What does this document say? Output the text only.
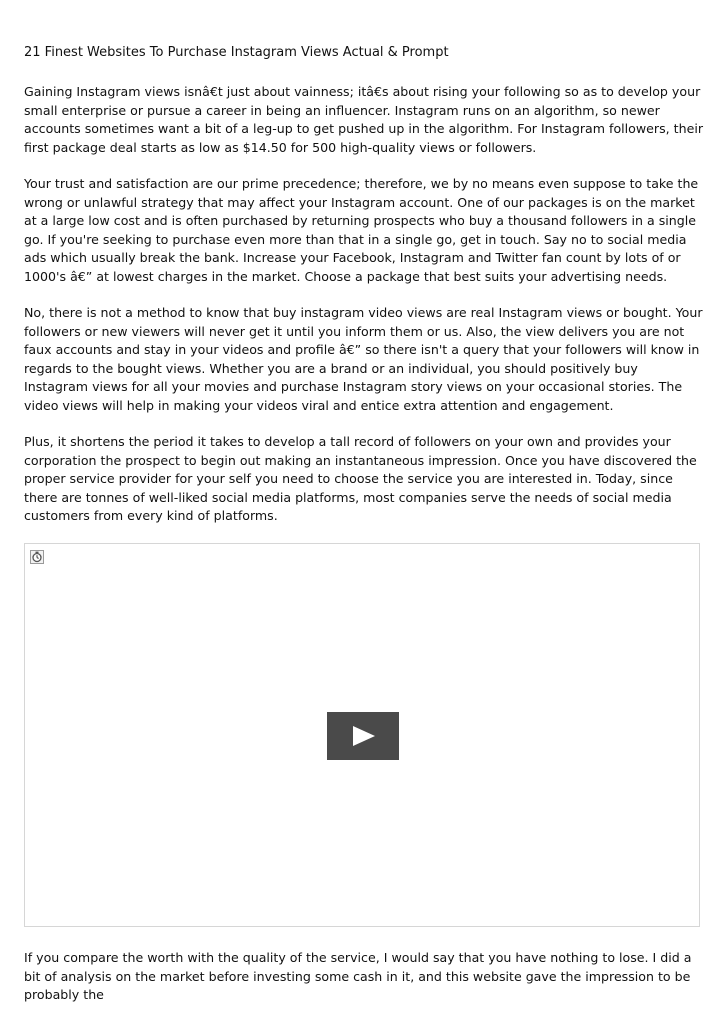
21 Finest Websites To Purchase Instagram Views Actual & Prompt

Gaining Instagram views isnâ€t just about vainness; itâ€s about rising your following so as to develop your small enterprise or pursue a career in being an influencer. Instagram runs on an algorithm, so newer accounts sometimes want a bit of a leg-up to get pushed up in the algorithm. For Instagram followers, their first package deal starts as low as $14.50 for 500 high-quality views or followers.

Your trust and satisfaction are our prime precedence; therefore, we by no means even suppose to take the wrong or unlawful strategy that may affect your Instagram account. One of our packages is on the market at a large low cost and is often purchased by returning prospects who buy a thousand followers in a single go. If you're seeking to purchase even more than that in a single go, get in touch. Say no to social media ads which usually break the bank. Increase your Facebook, Instagram and Twitter fan count by lots of or 1000's â€” at lowest charges in the market. Choose a package that best suits your advertising needs.

No, there is not a method to know that buy instagram video views are real Instagram views or bought. Your followers or new viewers will never get it until you inform them or us. Also, the view delivers you are not faux accounts and stay in your videos and profile â€” so there isn't a query that your followers will know in regards to the bought views. Whether you are a brand or an individual, you should positively buy Instagram views for all your movies and purchase Instagram story views on your occasional stories. The video views will help in making your videos viral and entice extra attention and engagement.

Plus, it shortens the period it takes to develop a tall record of followers on your own and provides your corporation the prospect to begin out making an instantaneous impression. Once you have discovered the proper service provider for your self you need to choose the service you are interested in. Today, since there are tonnes of well-liked social media platforms, most companies serve the needs of social media customers from every kind of platforms.

If you compare the worth with the quality of the service, I would say that you have nothing to lose. I did a bit of analysis on the market before investing some cash in it, and this website gave the impression to be probably the
